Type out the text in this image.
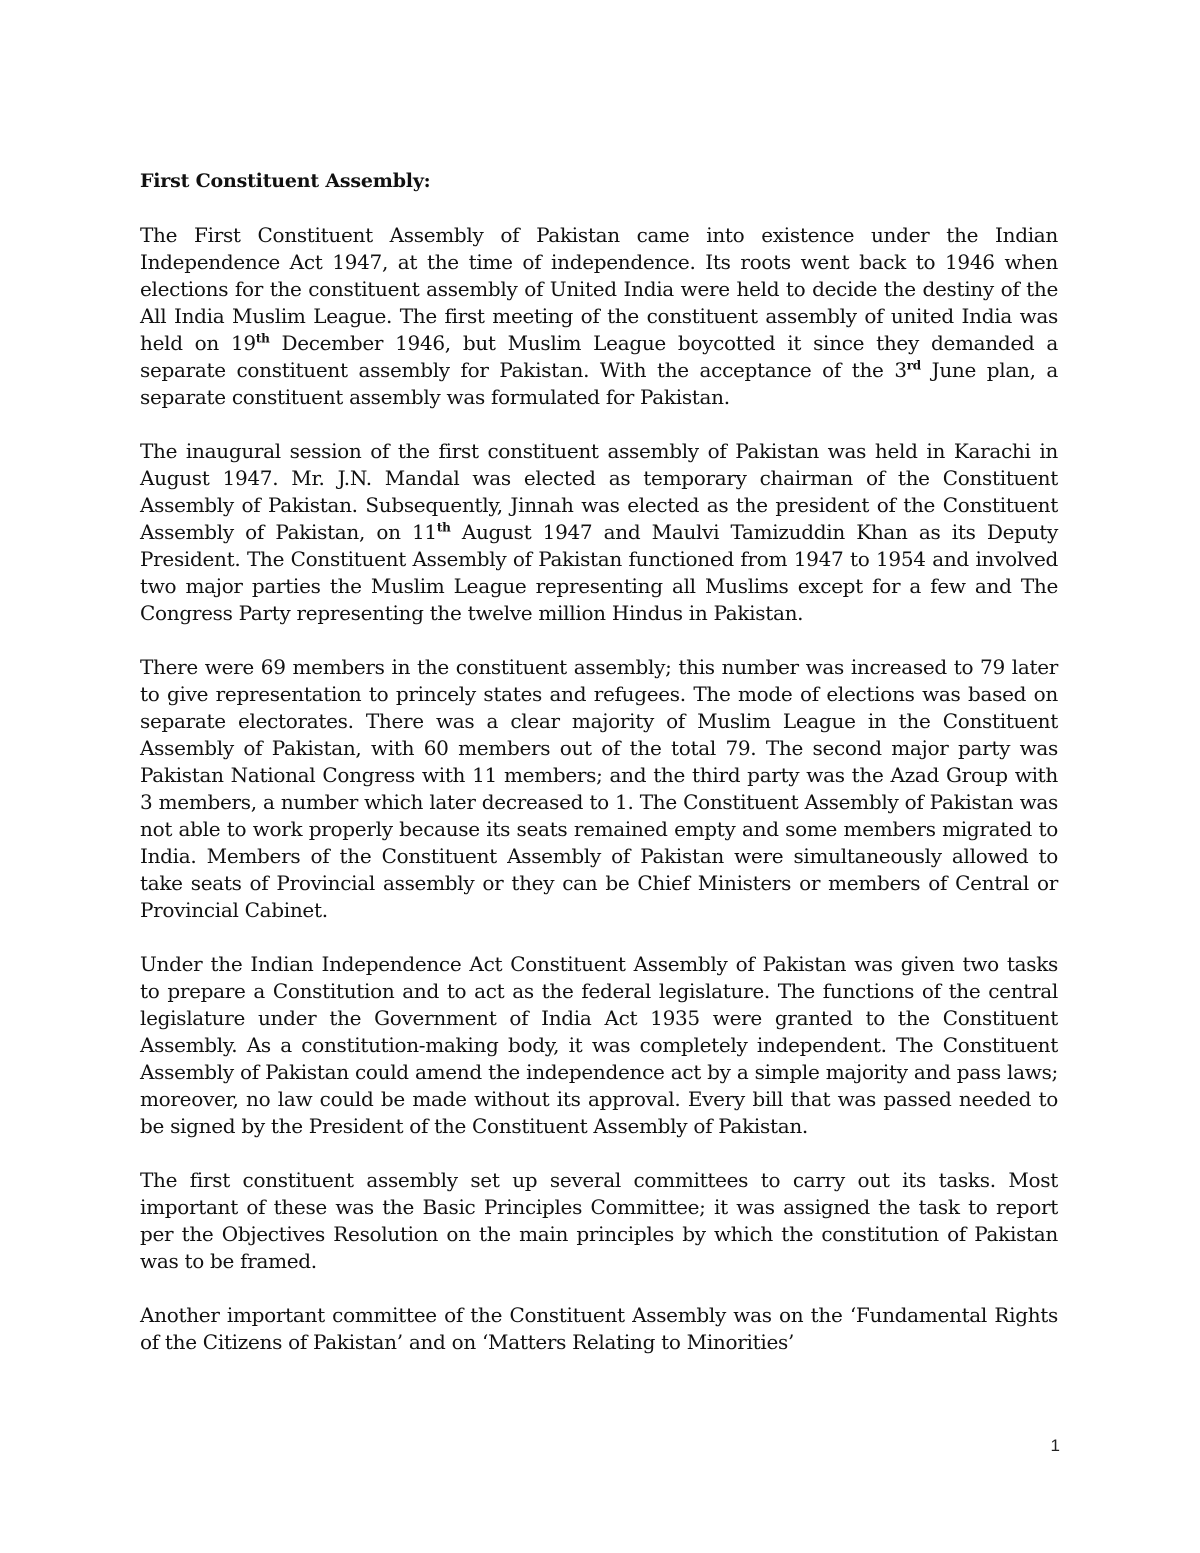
First Constituent Assembly:

The First Constituent Assembly of Pakistan came into existence under the Indian Independence Act 1947, at the time of independence. Its roots went back to 1946 when elections for the constituent assembly of United India were held to decide the destiny of the All India Muslim League. The first meeting of the constituent assembly of united India was held on 19th December 1946, but Muslim League boycotted it since they demanded a separate constituent assembly for Pakistan. With the acceptance of the 3rd June plan, a separate constituent assembly was formulated for Pakistan.

The inaugural session of the first constituent assembly of Pakistan was held in Karachi in August 1947. Mr. J.N. Mandal was elected as temporary chairman of the Constituent Assembly of Pakistan. Subsequently, Jinnah was elected as the president of the Constituent Assembly of Pakistan, on 11th August 1947 and Maulvi Tamizuddin Khan as its Deputy President. The Constituent Assembly of Pakistan functioned from 1947 to 1954 and involved two major parties the Muslim League representing all Muslims except for a few and The Congress Party representing the twelve million Hindus in Pakistan.

There were 69 members in the constituent assembly; this number was increased to 79 later to give representation to princely states and refugees. The mode of elections was based on separate electorates. There was a clear majority of Muslim League in the Constituent Assembly of Pakistan, with 60 members out of the total 79. The second major party was Pakistan National Congress with 11 members; and the third party was the Azad Group with 3 members, a number which later decreased to 1. The Constituent Assembly of Pakistan was not able to work properly because its seats remained empty and some members migrated to India. Members of the Constituent Assembly of Pakistan were simultaneously allowed to take seats of Provincial assembly or they can be Chief Ministers or members of Central or Provincial Cabinet.

Under the Indian Independence Act Constituent Assembly of Pakistan was given two tasks to prepare a Constitution and to act as the federal legislature. The functions of the central legislature under the Government of India Act 1935 were granted to the Constituent Assembly. As a constitution-making body, it was completely independent. The Constituent Assembly of Pakistan could amend the independence act by a simple majority and pass laws; moreover, no law could be made without its approval. Every bill that was passed needed to be signed by the President of the Constituent Assembly of Pakistan.

The first constituent assembly set up several committees to carry out its tasks. Most important of these was the Basic Principles Committee; it was assigned the task to report per the Objectives Resolution on the main principles by which the constitution of Pakistan was to be framed.

Another important committee of the Constituent Assembly was on the ‘Fundamental Rights of the Citizens of Pakistan’ and on ‘Matters Relating to Minorities’

1
